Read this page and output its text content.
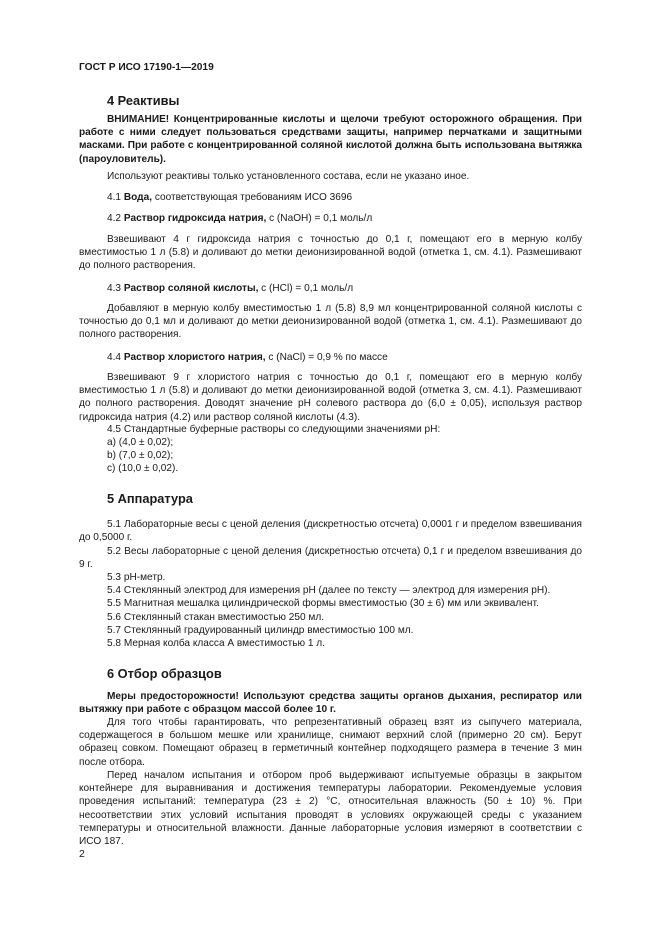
ГОСТ Р ИСО 17190-1—2019
4 Реактивы

ВНИМАНИЕ! Концентрированные кислоты и щелочи требуют осторожного обращения. При работе с ними следует пользоваться средствами защиты, например перчатками и защитными масками. При работе с концентрированной соляной кислотой должна быть использована вытяжка (пароуловитель).

Используют реактивы только установленного состава, если не указано иное.

4.1 Вода, соответствующая требованиям ИСО 3696
4.2 Раствор гидроксида натрия, c (NaOH) = 0,1 моль/л

Взвешивают 4 г гидроксида натрия с точностью до 0,1 г, помещают его в мерную колбу вместимостью 1 л (5.8) и доливают до метки деионизированной водой (отметка 1, см. 4.1). Размешивают до полного растворения.

4.3 Раствор соляной кислоты, c (HCl) = 0,1 моль/л

Добавляют в мерную колбу вместимостью 1 л (5.8) 8,9 мл концентрированной соляной кислоты с точностью до 0,1 мл и доливают до метки деионизированной водой (отметка 1, см. 4.1). Размешивают до полного растворения.

4.4 Раствор хлористого натрия, c (NaCl) = 0,9 % по массе

Взвешивают 9 г хлористого натрия с точностью до 0,1 г, помещают его в мерную колбу вместимостью 1 л (5.8) и доливают до метки деионизированной водой (отметка 3, см. 4.1). Размешивают до полного растворения. Доводят значение pH солевого раствора до (6,0 ± 0,05), используя раствор гидроксида натрия (4.2) или раствор соляной кислоты (4.3).

4.5 Стандартные буферные растворы со следующими значениями pH:
a) (4,0 ± 0,02);
b) (7,0 ± 0,02);
c) (10,0 ± 0,02).
5 Аппаратура

5.1 Лабораторные весы с ценой деления (дискретностью отсчета) 0,0001 г и пределом взвешивания до 0,5000 г.

5.2 Весы лабораторные с ценой деления (дискретностью отсчета) 0,1 г и пределом взвешивания до 9 г.

5.3 pH-метр.
5.4 Стеклянный электрод для измерения pH (далее по тексту — электрод для измерения pH).
5.5 Магнитная мешалка цилиндрической формы вместимостью (30 ± 6) мм или эквивалент.
5.6 Стеклянный стакан вместимостью 250 мл.
5.7 Стеклянный градуированный цилиндр вместимостью 100 мл.
5.8 Мерная колба класса А вместимостью 1 л.
6 Отбор образцов

Меры предосторожности! Используют средства защиты органов дыхания, респиратор или вытяжку при работе с образцом массой более 10 г.

Для того чтобы гарантировать, что репрезентативный образец взят из сыпучего материала, содержащегося в большом мешке или хранилище, снимают верхний слой (примерно 20 см). Берут образец совком. Помещают образец в герметичный контейнер подходящего размера в течение 3 мин после отбора.

Перед началом испытания и отбором проб выдерживают испытуемые образцы в закрытом контейнере для выравнивания и достижения температуры лаборатории. Рекомендуемые условия проведения испытаний: температура (23 ± 2) °C, относительная влажность (50 ± 10) %. При несоответствии этих условий испытания проводят в условиях окружающей среды с указанием температуры и относительной влажности. Данные лабораторные условия измеряют в соответствии с ИСО 187.

2
